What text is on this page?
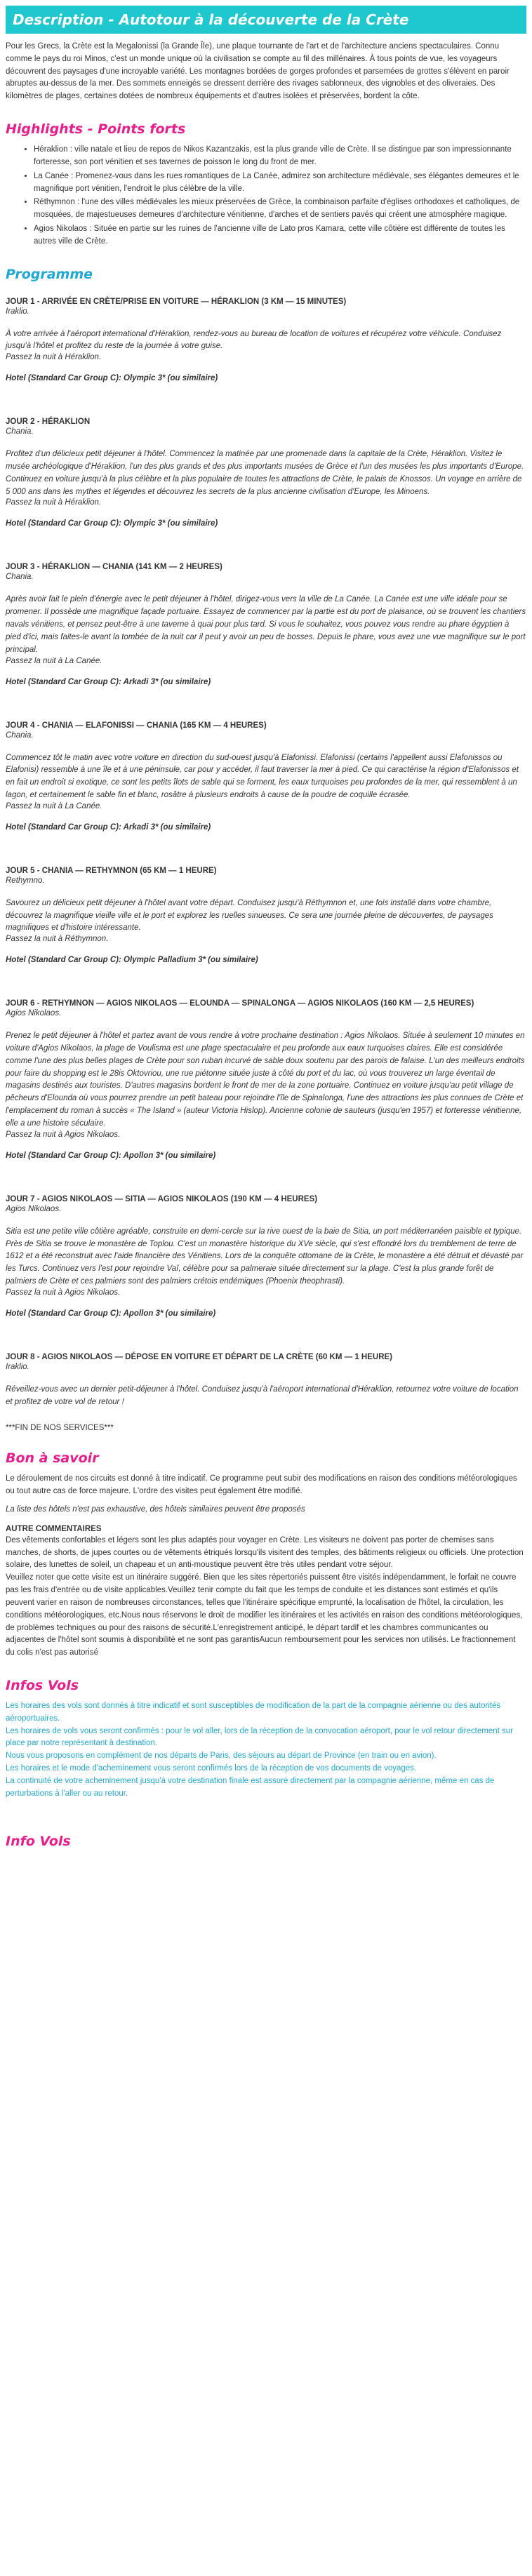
Description - Autotour à la découverte de la Crète
Pour les Grecs, la Crète est la Megalonissi (la Grande Île), une plaque tournante de l'art et de l'architecture anciens spectaculaires. Connu comme le pays du roi Minos, c'est un monde unique où la civilisation se compte au fil des millénaires. À tous points de vue, les voyageurs découvrent des paysages d'une incroyable variété. Les montagnes bordées de gorges profondes et parsemées de grottes s'élèvent en paroir abruptes au-dessus de la mer. Des sommets enneigés se dressent derrière des rivages sablonneux, des vignobles et des oliveraies. Des kilomètres de plages, certaines dotées de nombreux équipements et d'autres isolées et préservées, bordent la côte.
Highlights - Points forts
• Héraklion : ville natale et lieu de repos de Nikos Kazantzakis, est la plus grande ville de Crète. Il se distingue par son impressionnante forteresse, son port vénitien et ses tavernes de poisson le long du front de mer.
• La Canée : Promenez-vous dans les rues romantiques de La Canée, admirez son architecture médiévale, ses élégantes demeures et le magnifique port vénitien, l'endroit le plus célèbre de la ville.
• Réthymnon : l'une des villes médiévales les mieux préservées de Grèce, la combinaison parfaite d'églises orthodoxes et catholiques, de mosquées, de majestueuses demeures d'architecture vénitienne, d'arches et de sentiers pavés qui créent une atmosphère magique.
• Agios Nikolaos : Située en partie sur les ruines de l'ancienne ville de Lato pros Kamara, cette ville côtière est différente de toutes les autres ville de Crète.
Programme
JOUR 1 - ARRIVÉE EN CRÈTE/PRISE EN VOITURE — HÉRAKLION (3 KM — 15 MINUTES)
Iraklio.
À votre arrivée à l'aéroport international d'Héraklion, rendez-vous au bureau de location de voitures et récupérez votre véhicule. Conduisez jusqu'à l'hôtel et profitez du reste de la journée à votre guise.
Passez la nuit à Héraklion.
Hotel (Standard Car Group C): Olympic 3* (ou similaire)
JOUR 2 - HÉRAKLION
Chania.
Profitez d'un délicieux petit déjeuner à l'hôtel. Commencez la matinée par une promenade dans la capitale de la Crète, Héraklion. Visitez le musée archéologique d'Héraklion, l'un des plus grands et des plus importants musées de Grèce et l'un des musées les plus importants d'Europe. Continuez en voiture jusqu'à la plus célèbre et la plus populaire de toutes les attractions de Crète, le palais de Knossos. Un voyage en arrière de 5 000 ans dans les mythes et légendes et découvrez les secrets de la plus ancienne civilisation d'Europe, les Minoens.
Passez la nuit à Héraklion.
Hotel (Standard Car Group C): Olympic 3* (ou similaire)
JOUR 3 - HÉRAKLION — CHANIA (141 KM — 2 HEURES)
Chania.
Après avoir fait le plein d'énergie avec le petit déjeuner à l'hôtel, dirigez-vous vers la ville de La Canée. La Canée est une ville idéale pour se promener. Il possède une magnifique façade portuaire. Essayez de commencer par la partie est du port de plaisance, où se trouvent les chantiers navals vénitiens, et pensez peut-être à une taverne à quai pour plus tard. Si vous le souhaitez, vous pouvez vous rendre au phare égyptien à pied d'ici, mais faites-le avant la tombée de la nuit car il peut y avoir un peu de bosses. Depuis le phare, vous avez une vue magnifique sur le port principal.
Passez la nuit à La Canée.
Hotel (Standard Car Group C): Arkadi 3* (ou similaire)
JOUR 4 - CHANIA — ELAFONISSI — CHANIA (165 KM — 4 HEURES)
Chania.
Commencez tôt le matin avec votre voiture en direction du sud-ouest jusqu'à Elafonissi. Elafonissi (certains l'appellent aussi Elafonissos ou Elafonisi) ressemble à une île et à une péninsule, car pour y accéder, il faut traverser la mer à pied. Ce qui caractérise la région d'Elafonissos et en fait un endroit si exotique, ce sont les petits îlots de sable qui se forment, les eaux turquoises peu profondes de la mer, qui ressemblent à un lagon, et certainement le sable fin et blanc, rosâtre à plusieurs endroits à cause de la poudre de coquille écrasée.
Passez la nuit à La Canée.
Hotel (Standard Car Group C): Arkadi 3* (ou similaire)
JOUR 5 - CHANIA — RETHYMNON (65 KM — 1 HEURE)
Rethymno.
Savourez un délicieux petit déjeuner à l'hôtel avant votre départ. Conduisez jusqu'à Réthymnon et, une fois installé dans votre chambre, découvrez la magnifique vieille ville et le port et explorez les ruelles sinueuses. Ce sera une journée pleine de découvertes, de paysages magnifiques et d'histoire intéressante.
Passez la nuit à Réthymnon.
Hotel (Standard Car Group C): Olympic Palladium 3* (ou similaire)
JOUR 6 - RETHYMNON — AGIOS NIKOLAOS — ELOUNDA — SPINALONGA — AGIOS NIKOLAOS (160 KM — 2,5 HEURES)
Agios Nikolaos.
Prenez le petit déjeuner à l'hôtel et partez avant de vous rendre à votre prochaine destination : Agios Nikolaos. Située à seulement 10 minutes en voiture d'Agios Nikolaos, la plage de Voulisma est une plage spectaculaire et peu profonde aux eaux turquoises claires. Elle est considérée comme l'une des plus belles plages de Crète pour son ruban incurvé de sable doux soutenu par des parois de falaise. L'un des meilleurs endroits pour faire du shopping est le 28is Oktovriou, une rue piétonne située juste à côté du port et du lac, où vous trouverez un large éventail de magasins destinés aux touristes. D'autres magasins bordent le front de mer de la zone portuaire. Continuez en voiture jusqu'au petit village de pêcheurs d'Elounda où vous pourrez prendre un petit bateau pour rejoindre l'île de Spinalonga, l'une des attractions les plus connues de Crète et l'emplacement du roman à succès « The Island » (auteur Victoria Hislop). Ancienne colonie de sauteurs (jusqu'en 1957) et forteresse vénitienne, elle a une histoire séculaire.
Passez la nuit à Agios Nikolaos.
Hotel (Standard Car Group C): Apollon 3* (ou similaire)
JOUR 7 - AGIOS NIKOLAOS — SITIA — AGIOS NIKOLAOS (190 KM — 4 HEURES)
Agios Nikolaos.
Sitia est une petite ville côtière agréable, construite en demi-cercle sur la rive ouest de la baie de Sitia, un port méditerranéen paisible et typique. Près de Sitia se trouve le monastère de Toplou. C'est un monastère historique du XVe siècle, qui s'est effondré lors du tremblement de terre de 1612 et a été reconstruit avec l'aide financière des Vénitiens. Lors de la conquête ottomane de la Crète, le monastère a été détruit et dévasté par les Turcs. Continuez vers l'est pour rejoindre Vaï, célèbre pour sa palmeraie située directement sur la plage. C'est la plus grande forêt de palmiers de Crète et ces palmiers sont des palmiers crétois endémiques (Phoenix theophrasti).
Passez la nuit à Agios Nikolaos.
Hotel (Standard Car Group C): Apollon 3* (ou similaire)
JOUR 8 - AGIOS NIKOLAOS — DÉPOSE EN VOITURE ET DÉPART DE LA CRÈTE (60 KM — 1 HEURE)
Iraklio.
Réveillez-vous avec un dernier petit-déjeuner à l'hôtel. Conduisez jusqu'à l'aéroport international d'Héraklion, retournez votre voiture de location et profitez de votre vol de retour !
***FIN DE NOS SERVICES***
Bon à savoir
Le déroulement de nos circuits est donné à titre indicatif. Ce programme peut subir des modifications en raison des conditions météorologiques ou tout autre cas de force majeure. L'ordre des visites peut également être modifié.
La liste des hôtels n'est pas exhaustive, des hôtels similaires peuvent être proposés
AUTRE COMMENTAIRES
Des vêtements confortables et légers sont les plus adaptés pour voyager en Crète. Les visiteurs ne doivent pas porter de chemises sans manches, de shorts, de jupes courtes ou de vêtements étriqués lorsqu'ils visitent des temples, des bâtiments religieux ou officiels. Une protection solaire, des lunettes de soleil, un chapeau et un anti-moustique peuvent être très utiles pendant votre séjour.
Veuillez noter que cette visite est un itinéraire suggéré. Bien que les sites répertoriés puissent être visités indépendamment, le forfait ne couvre pas les frais d'entrée ou de visite applicables.Veuillez tenir compte du fait que les temps de conduite et les distances sont estimés et qu'ils peuvent varier en raison de nombreuses circonstances, telles que l'itinéraire spécifique emprunté, la localisation de l'hôtel, la circulation, les conditions météorologiques, etc.Nous nous réservons le droit de modifier les itinéraires et les activités en raison des conditions météorologiques, de problèmes techniques ou pour des raisons de sécurité.L'enregistrement anticipé, le départ tardif et les chambres communicantes ou adjacentes de l'hôtel sont soumis à disponibilité et ne sont pas garantisAucun remboursement pour les services non utilisés. Le fractionnement du colis n'est pas autorisé
Infos Vols
Les horaires des vols sont donnés à titre indicatif et sont susceptibles de modification de la part de la compagnie aérienne ou des autorités aéroportuaires.
Les horaires de vols vous seront confirmés : pour le vol aller, lors de la réception de la convocation aéroport, pour le vol retour directement sur place par notre représentant à destination.
Nous vous proposons en complément de nos départs de Paris, des séjours au départ de Province (en train ou en avion).
Les horaires et le mode d'acheminement vous seront confirmés lors de la réception de vos documents de voyages.
La continuité de votre acheminement jusqu'à votre destination finale est assuré directement par la compagnie aérienne, même en cas de perturbations à l'aller ou au retour.
Info Vols
